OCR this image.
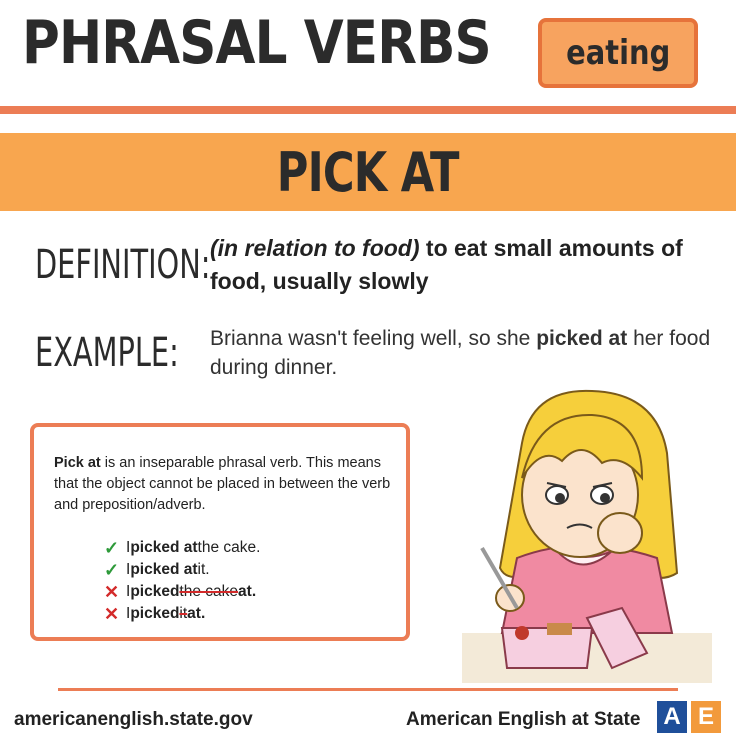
PHRASAL VERBS eating
PICK AT
DEFINITION: (in relation to food) to eat small amounts of food, usually slowly
EXAMPLE: Brianna wasn't feeling well, so she picked at her food during dinner.
Pick at is an inseparable phrasal verb. This means that the object cannot be placed in between the verb and preposition/adverb.
✓ I picked at the cake.
✓ I picked at it.
✕ I picked the cake at.
✕ I picked it at.
americanenglish.state.gov	American English at State A E
